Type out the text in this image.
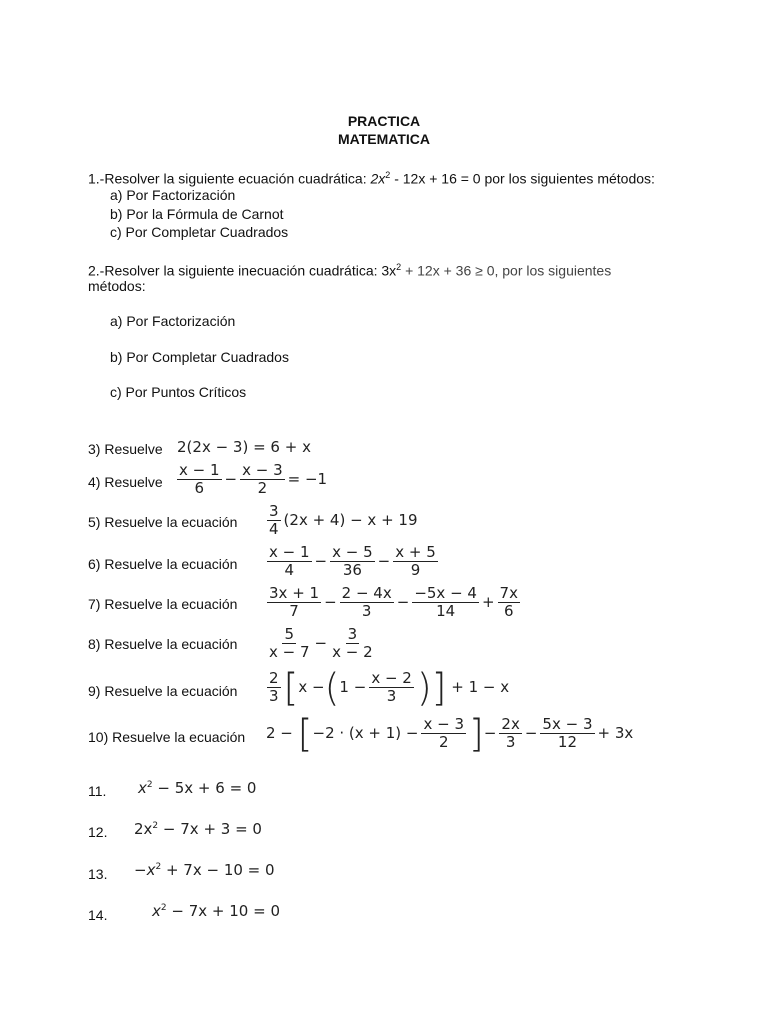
PRACTICA
MATEMATICA
1.-Resolver la siguiente ecuación cuadrática: $2x^2 - 12x + 16 = 0$ por los siguientes métodos:
a) Por Factorización
b) Por la Fórmula de Carnot
c) Por Completar Cuadrados
2.-Resolver la siguiente inecuación cuadrática: $3x^2 + 12x + 36 \ge 0$, por los siguientes
métodos:
a) Por Factorización
b) Por Completar Cuadrados
c) Por Puntos Críticos
3) Resuelve 2(2x − 3) = 6 + x
4) Resuelve $\frac{x - 1}{6} - \frac{x - 3}{2} = -1$
5) Resuelve la ecuación $\frac{3}{4} (2x + 4) - x + 19$
6) Resuelve la ecuación $\frac{x - 1}{4} - \frac{x - 5}{36} - \frac{x + 5}{9}$
7) Resuelve la ecuación $\frac{3x + 1}{7} - \frac{2 - 4x}{3} - \frac{-5x - 4}{14} + \frac{7x}{6}$
8) Resuelve la ecuación $\frac{5}{x - 7} - \frac{3}{x - 2}$
9) Resuelve la ecuación $\frac{2}{3} [x -(1 - \frac{x - 2}{3}$ )] + 1 − x
10) Resuelve la ecuación $2 - [-2 \cdot (x + 1) - \frac{x - 3}{2}$ ]− $\frac{2x}{3} - \frac{5x - 3}{12} + 3x$
11. $x^2 - 5x + 6 = 0$
12. $2x^2 - 7x + 3 = 0$
13. $-x^2 + 7x - 10 = 0$
14.	$x^2 - 7x + 10 = 0$
